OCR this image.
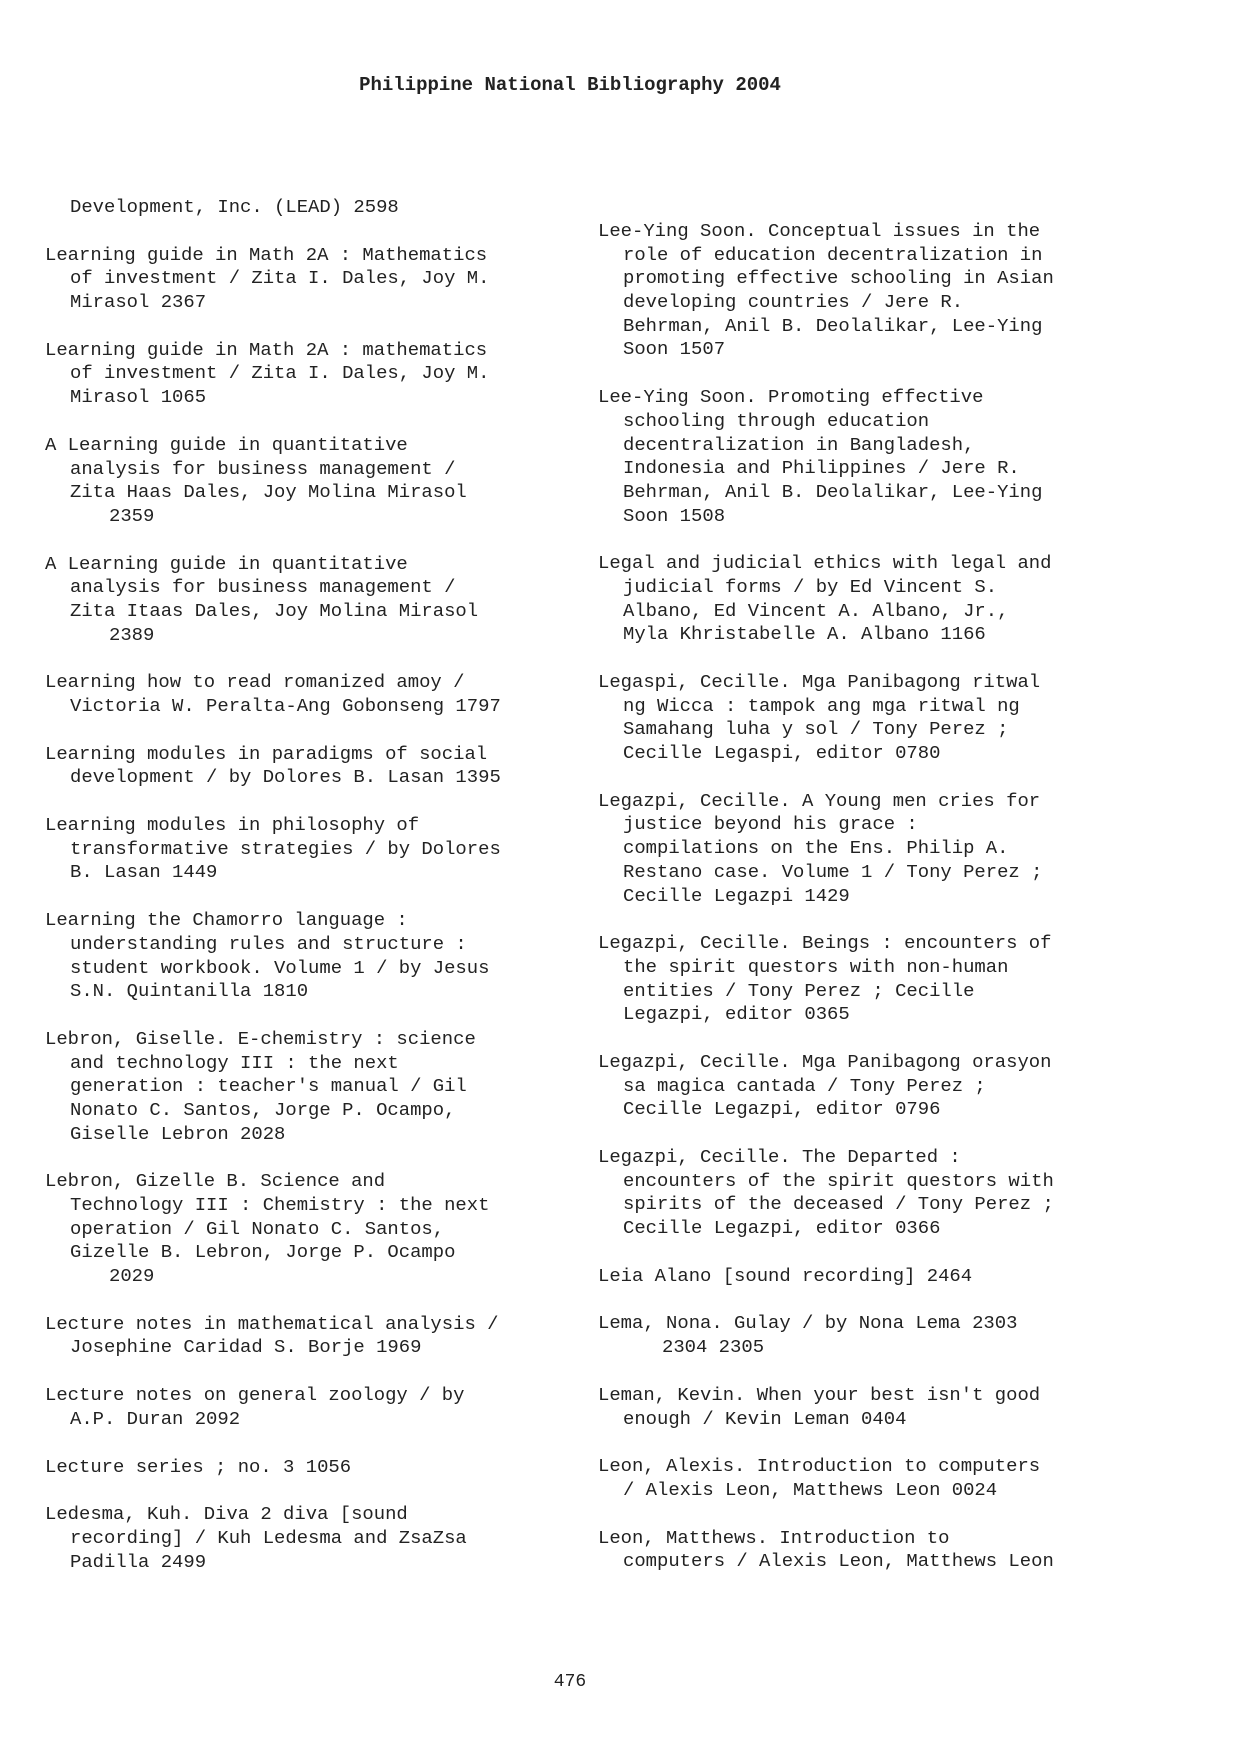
Philippine National Bibliography 2004
Development, Inc. (LEAD) 2598
Learning guide in Math 2A : Mathematics
of investment / Zita I. Dales, Joy M.
Mirasol 2367
Learning guide in Math 2A : mathematics
of investment / Zita I. Dales, Joy M.
Mirasol 1065
A Learning guide in quantitative
analysis for business management /
Zita Haas Dales, Joy Molina Mirasol
2359
A Learning guide in quantitative
analysis for business management /
Zita Itaas Dales, Joy Molina Mirasol
2389
Learning how to read romanized amoy /
Victoria W. Peralta-Ang Gobonseng 1797
Learning modules in paradigms of social
development / by Dolores B. Lasan 1395
Learning modules in philosophy of
transformative strategies / by Dolores
B. Lasan 1449
Learning the Chamorro language :
understanding rules and structure :
student workbook. Volume 1 / by Jesus
S.N. Quintanilla 1810
Lebron, Giselle. E-chemistry : science
and technology III : the next
generation : teacher's manual / Gil
Nonato C. Santos, Jorge P. Ocampo,
Giselle Lebron 2028
Lebron, Gizelle B. Science and
Technology III : Chemistry : the next
operation / Gil Nonato C. Santos,
Gizelle B. Lebron, Jorge P. Ocampo
2029
Lecture notes in mathematical analysis /
Josephine Caridad S. Borje 1969
Lecture notes on general zoology / by
A.P. Duran 2092
Lecture series ; no. 3 1056
Ledesma, Kuh. Diva 2 diva [sound
recording] / Kuh Ledesma and ZsaZsa
Padilla 2499
Lee-Ying Soon. Conceptual issues in the
role of education decentralization in
promoting effective schooling in Asian
developing countries / Jere R.
Behrman, Anil B. Deolalikar, Lee-Ying
Soon 1507
Lee-Ying Soon. Promoting effective
schooling through education
decentralization in Bangladesh,
Indonesia and Philippines / Jere R.
Behrman, Anil B. Deolalikar, Lee-Ying
Soon 1508
Legal and judicial ethics with legal and
judicial forms / by Ed Vincent S.
Albano, Ed Vincent A. Albano, Jr.,
Myla Khristabelle A. Albano 1166
Legaspi, Cecille. Mga Panibagong ritwal
ng Wicca : tampok ang mga ritwal ng
Samahang luha y sol / Tony Perez ;
Cecille Legaspi, editor 0780
Legazpi, Cecille. A Young men cries for
justice beyond his grace :
compilations on the Ens. Philip A.
Restano case. Volume 1 / Tony Perez ;
Cecille Legazpi 1429
Legazpi, Cecille. Beings : encounters of
the spirit questors with non-human
entities / Tony Perez ; Cecille
Legazpi, editor 0365
Legazpi, Cecille. Mga Panibagong orasyon
sa magica cantada / Tony Perez ;
Cecille Legazpi, editor 0796
Legazpi, Cecille. The Departed :
encounters of the spirit questors with
spirits of the deceased / Tony Perez ;
Cecille Legazpi, editor 0366
Leia Alano [sound recording] 2464
Lema, Nona. Gulay / by Nona Lema 2303
2304 2305
Leman, Kevin. When your best isn't good
enough / Kevin Leman 0404
Leon, Alexis. Introduction to computers
/ Alexis Leon, Matthews Leon 0024
Leon, Matthews. Introduction to
computers / Alexis Leon, Matthews Leon
476
